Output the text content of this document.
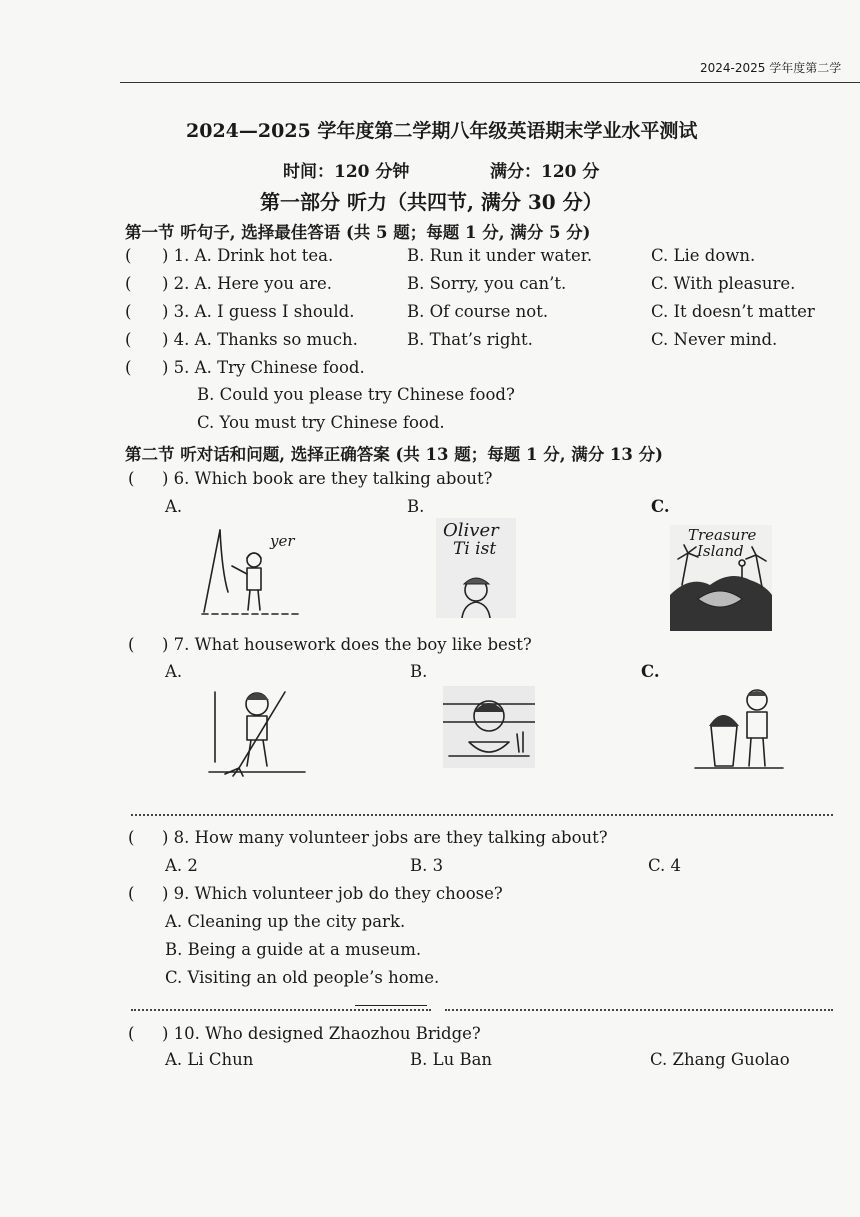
2024-2025 学年度第二学
2024—2025 学年度第二学期八年级英语期末学业水平测试
时间：120 分钟	满分：120 分
第一部分 听力（共四节, 满分 30 分）
第一节 听句子, 选择最佳答语 (共 5 题；每题 1 分, 满分 5 分)
( ) 1. A. Drink hot tea.	B. Run it under water.	C. Lie down.
( ) 2. A. Here you are.	B. Sorry, you can’t.	C. With pleasure.
( ) 3. A. I guess I should.	B. Of course not.	C. It doesn’t matter
( ) 4. A. Thanks so much.	B. That’s right.	C. Never mind.
( ) 5. A. Try Chinese food.
B. Could you please try Chinese food?
C. You must try Chinese food.
第二节 听对话和问题, 选择正确答案 (共 13 题；每题 1 分, 满分 13 分)
( ) 6. Which book are they talking about?
A.	B.	C.
yer	Oliver
Ti ist
Treasure
Island
( ) 7. What housework does the boy like best?
A.	B.	C.
( ) 8. How many volunteer jobs are they talking about?
A. 2	B. 3	C. 4
( ) 9. Which volunteer job do they choose?
A. Cleaning up the city park.
B. Being a guide at a museum.
C. Visiting an old people’s home.
( ) 10. Who designed Zhaozhou Bridge?
A. Li Chun	B. Lu Ban	C. Zhang Guolao
